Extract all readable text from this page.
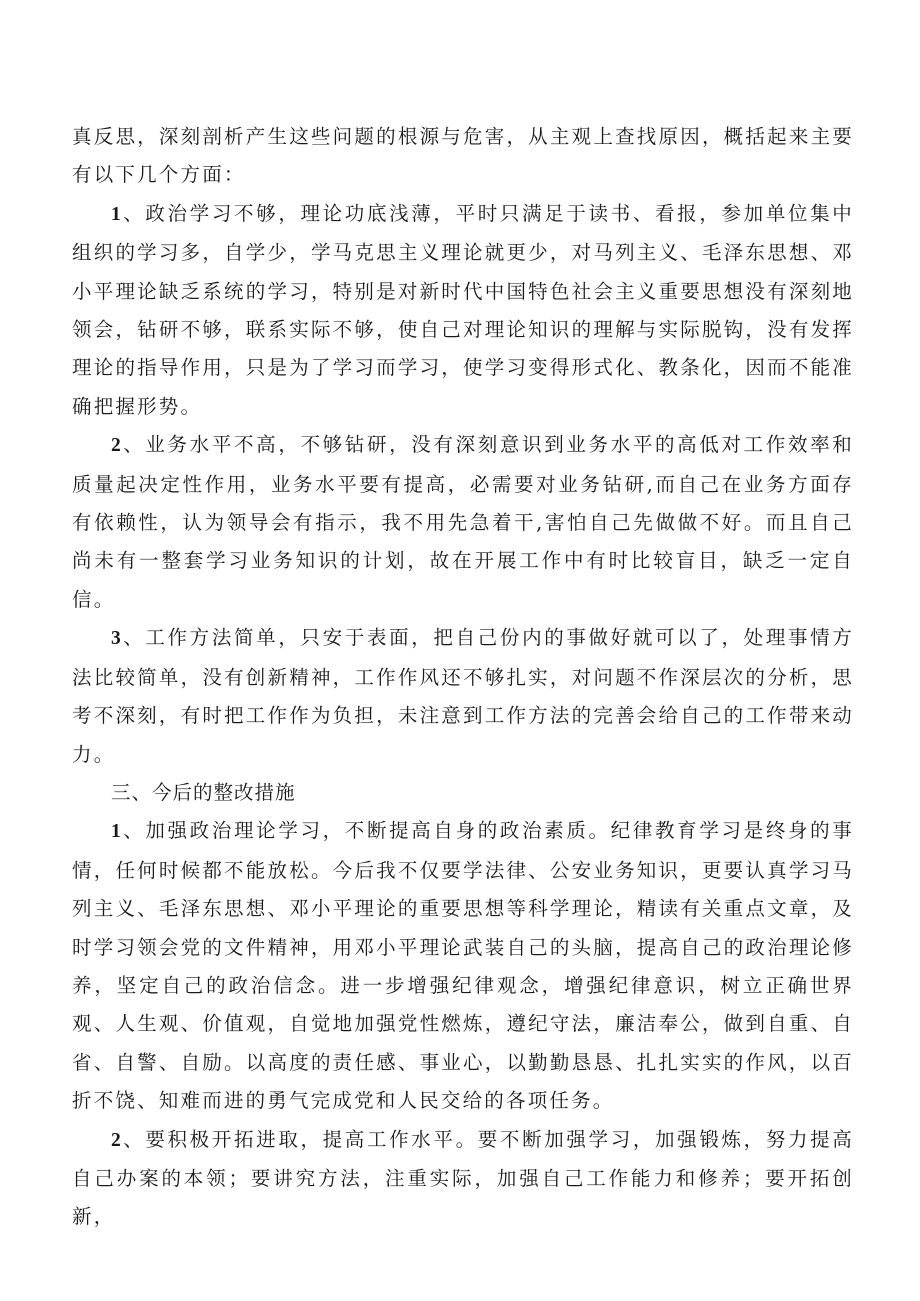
真反思，深刻剖析产生这些问题的根源与危害，从主观上查找原因，概括起来主要有以下几个方面：

1 、政治学习不够，理论功底浅薄，平时只满足于读书、看报，参加单位集中组织的学习多，自学少，学马克思主义理论就更少，对马列主义、毛泽东思想、邓小平理论缺乏系统的学习，特别是对新时代中国特色社会主义重要思想没有深刻地领会，钻研不够，联系实际不够，使自己对理论知识的理解与实际脱钩，没有发挥理论的指导作用，只是为了学习而学习，使学习变得形式化、教条化，因而不能准确把握形势。

2 、业务水平不高，不够钻研，没有深刻意识到业务水平的高低对工作效率和质量起决定性作用，业务水平要有提高，必需要对业务钻研,而自己在业务方面存有依赖性，认为领导会有指示，我不用先急着干,害怕自己先做做不好。而且自己尚未有一整套学习业务知识的计划，故在开展工作中有时比较盲目，缺乏一定自信。

3 、工作方法简单，只安于表面，把自己份内的事做好就可以了，处理事情方法比较简单，没有创新精神，工作作风还不够扎实，对问题不作深层次的分析，思考不深刻，有时把工作作为负担，未注意到工作方法的完善会给自己的工作带来动力。

三、今后的整改措施

1 、加强政治理论学习，不断提高自身的政治素质。纪律教育学习是终身的事情，任何时候都不能放松。今后我不仅要学法律、公安业务知识，更要认真学习马列主义、毛泽东思想、邓小平理论的重要思想等科学理论，精读有关重点文章，及时学习领会党的文件精神，用邓小平理论武装自己的头脑，提高自己的政治理论修养，坚定自己的政治信念。进一步增强纪律观念，增强纪律意识，树立正确世界观、人生观、价值观，自觉地加强党性燃炼，遵纪守法，廉洁奉公，做到自重、自省、自警、自励。以高度的责任感、事业心，以勤勤恳恳、扎扎实实的作风，以百折不饶、知难而进的勇气完成党和人民交给的各项任务。

2 、要积极开拓进取，提高工作水平。要不断加强学习，加强锻炼，努力提高自己办案的本领；要讲究方法，注重实际，加强自己工作能力和修养；要开拓创新，
